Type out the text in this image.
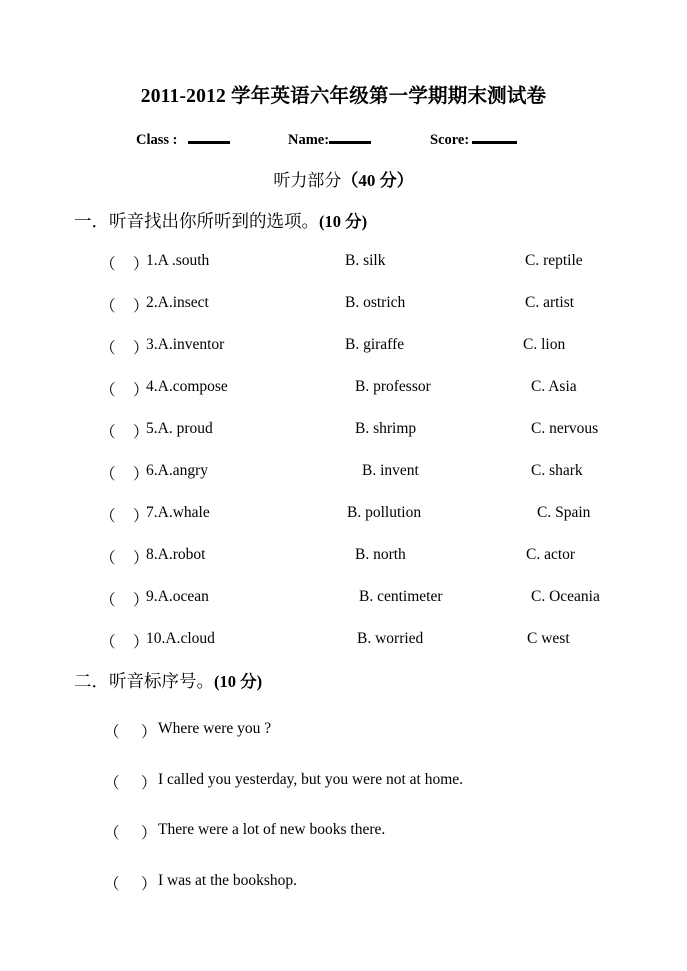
2011-2012 学年英语六年级第一学期期末测试卷
Class :	Name:	Score:
听力部分（40 分）
一．听音找出你所听到的选项。(10 分)
（　）
1.A .south	B. silk	C. reptile
（　）
2.A.insect	B. ostrich	C. artist
（　）
3.A.inventor	B. giraffe	C. lion
（　）
4.A.compose	B. professor	C. Asia
（　）
5.A. proud	B. shrimp	C. nervous
（　）
6.A.angry	B. invent	C. shark
（　）
7.A.whale	B. pollution	C. Spain
（　）
8.A.robot	B. north	C. actor
（　）
9.A.ocean	B. centimeter	C. Oceania
（　）
10.A.cloud	B. worried	C west
二．听音标序号。(10 分)
（　）
Where were you ?
（　）
I called you yesterday, but you were not at home.
（　）
There were a lot of new books there.
（　）
I was at the bookshop.
